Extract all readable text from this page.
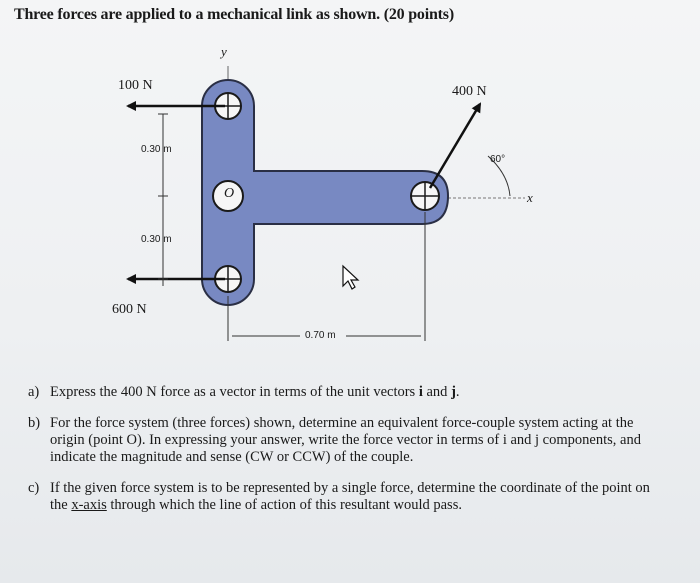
Three forces are applied to a mechanical link as shown. (20 points)
y
x
100 N
600 N
400 N
0.30 m
0.30 m
0.70 m
60°
O
a) Express the 400 N force as a vector in terms of the unit vectors i and j.
b) For the force system (three forces) shown, determine an equivalent force-couple system acting at the origin (point O). In expressing your answer, write the force vector in terms of i and j components, and indicate the magnitude and sense (CW or CCW) of the couple.
c) If the given force system is to be represented by a single force, determine the coordinate of the point on the x-axis through which the line of action of this resultant would pass.
